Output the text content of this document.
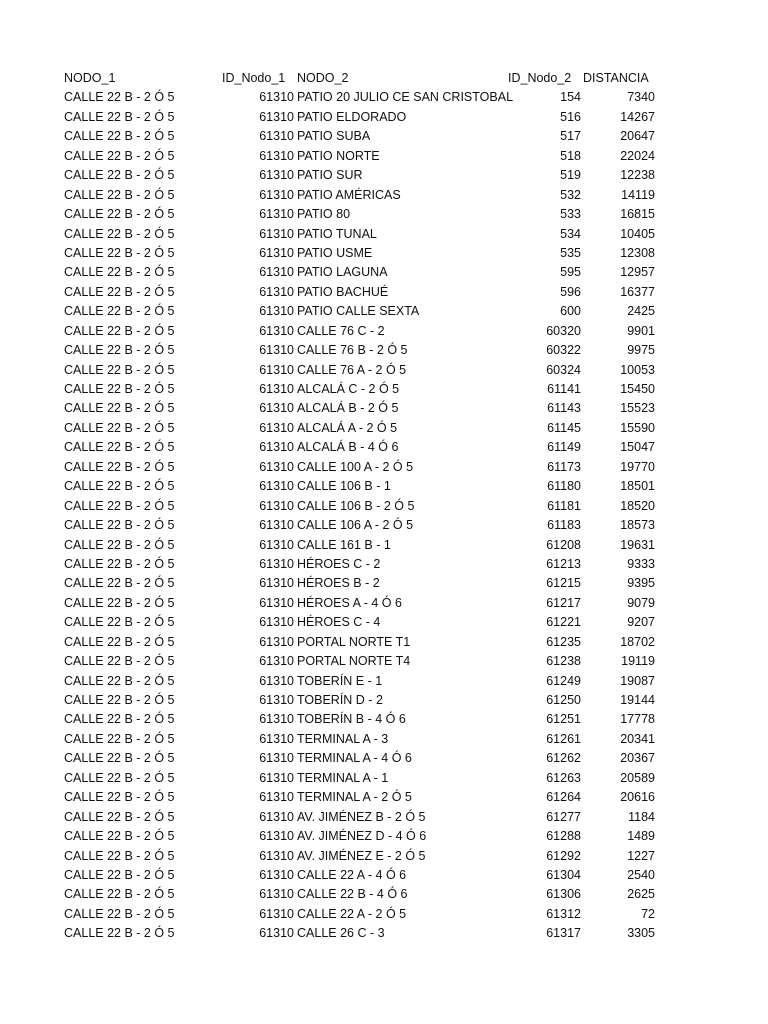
NODO_1	ID_Nodo_1 NODO_2	ID_Nodo_2 DISTANCIA
CALLE 22 B - 2 Ó 5	61310 PATIO 20 JULIO CE SAN CRISTOBAL	154	7340
CALLE 22 B - 2 Ó 5	61310 PATIO ELDORADO	516	14267
CALLE 22 B - 2 Ó 5	61310 PATIO SUBA	517	20647
CALLE 22 B - 2 Ó 5	61310 PATIO NORTE	518	22024
CALLE 22 B - 2 Ó 5	61310 PATIO SUR	519	12238
CALLE 22 B - 2 Ó 5	61310 PATIO AMÉRICAS	532	14119
CALLE 22 B - 2 Ó 5	61310 PATIO 80	533	16815
CALLE 22 B - 2 Ó 5	61310 PATIO TUNAL	534	10405
CALLE 22 B - 2 Ó 5	61310 PATIO USME	535	12308
CALLE 22 B - 2 Ó 5	61310 PATIO LAGUNA	595	12957
CALLE 22 B - 2 Ó 5	61310 PATIO BACHUÉ	596	16377
CALLE 22 B - 2 Ó 5	61310 PATIO CALLE SEXTA	600	2425
CALLE 22 B - 2 Ó 5	61310 CALLE 76 C - 2	60320	9901
CALLE 22 B - 2 Ó 5	61310 CALLE 76 B - 2 Ó 5	60322	9975
CALLE 22 B - 2 Ó 5	61310 CALLE 76 A - 2 Ó 5	60324	10053
CALLE 22 B - 2 Ó 5	61310 ALCALÁ C - 2 Ó 5	61141	15450
CALLE 22 B - 2 Ó 5	61310 ALCALÁ B - 2 Ó 5	61143	15523
CALLE 22 B - 2 Ó 5	61310 ALCALÁ A - 2 Ó 5	61145	15590
CALLE 22 B - 2 Ó 5	61310 ALCALÁ B - 4 Ó 6	61149	15047
CALLE 22 B - 2 Ó 5	61310 CALLE 100 A - 2 Ó 5	61173	19770
CALLE 22 B - 2 Ó 5	61310 CALLE 106 B - 1	61180	18501
CALLE 22 B - 2 Ó 5	61310 CALLE 106 B - 2 Ó 5	61181	18520
CALLE 22 B - 2 Ó 5	61310 CALLE 106 A - 2 Ó 5	61183	18573
CALLE 22 B - 2 Ó 5	61310 CALLE 161 B - 1	61208	19631
CALLE 22 B - 2 Ó 5	61310 HÉROES C - 2	61213	9333
CALLE 22 B - 2 Ó 5	61310 HÉROES B - 2	61215	9395
CALLE 22 B - 2 Ó 5	61310 HÉROES A - 4 Ó 6	61217	9079
CALLE 22 B - 2 Ó 5	61310 HÉROES C - 4	61221	9207
CALLE 22 B - 2 Ó 5	61310 PORTAL NORTE T1	61235	18702
CALLE 22 B - 2 Ó 5	61310 PORTAL NORTE T4	61238	19119
CALLE 22 B - 2 Ó 5	61310 TOBERÍN E - 1	61249	19087
CALLE 22 B - 2 Ó 5	61310 TOBERÍN D - 2	61250	19144
CALLE 22 B - 2 Ó 5	61310 TOBERÍN B - 4 Ó 6	61251	17778
CALLE 22 B - 2 Ó 5	61310 TERMINAL A - 3	61261	20341
CALLE 22 B - 2 Ó 5	61310 TERMINAL A - 4 Ó 6	61262	20367
CALLE 22 B - 2 Ó 5	61310 TERMINAL A - 1	61263	20589
CALLE 22 B - 2 Ó 5	61310 TERMINAL A - 2 Ó 5	61264	20616
CALLE 22 B - 2 Ó 5	61310 AV. JIMÉNEZ B - 2 Ó 5	61277	1184
CALLE 22 B - 2 Ó 5	61310 AV. JIMÉNEZ D - 4 Ó 6	61288	1489
CALLE 22 B - 2 Ó 5	61310 AV. JIMÉNEZ E - 2 Ó 5	61292	1227
CALLE 22 B - 2 Ó 5	61310 CALLE 22 A - 4 Ó 6	61304	2540
CALLE 22 B - 2 Ó 5	61310 CALLE 22 B - 4 Ó 6	61306	2625
CALLE 22 B - 2 Ó 5	61310 CALLE 22 A - 2 Ó 5	61312	72
CALLE 22 B - 2 Ó 5	61310 CALLE 26 C - 3	61317	3305
